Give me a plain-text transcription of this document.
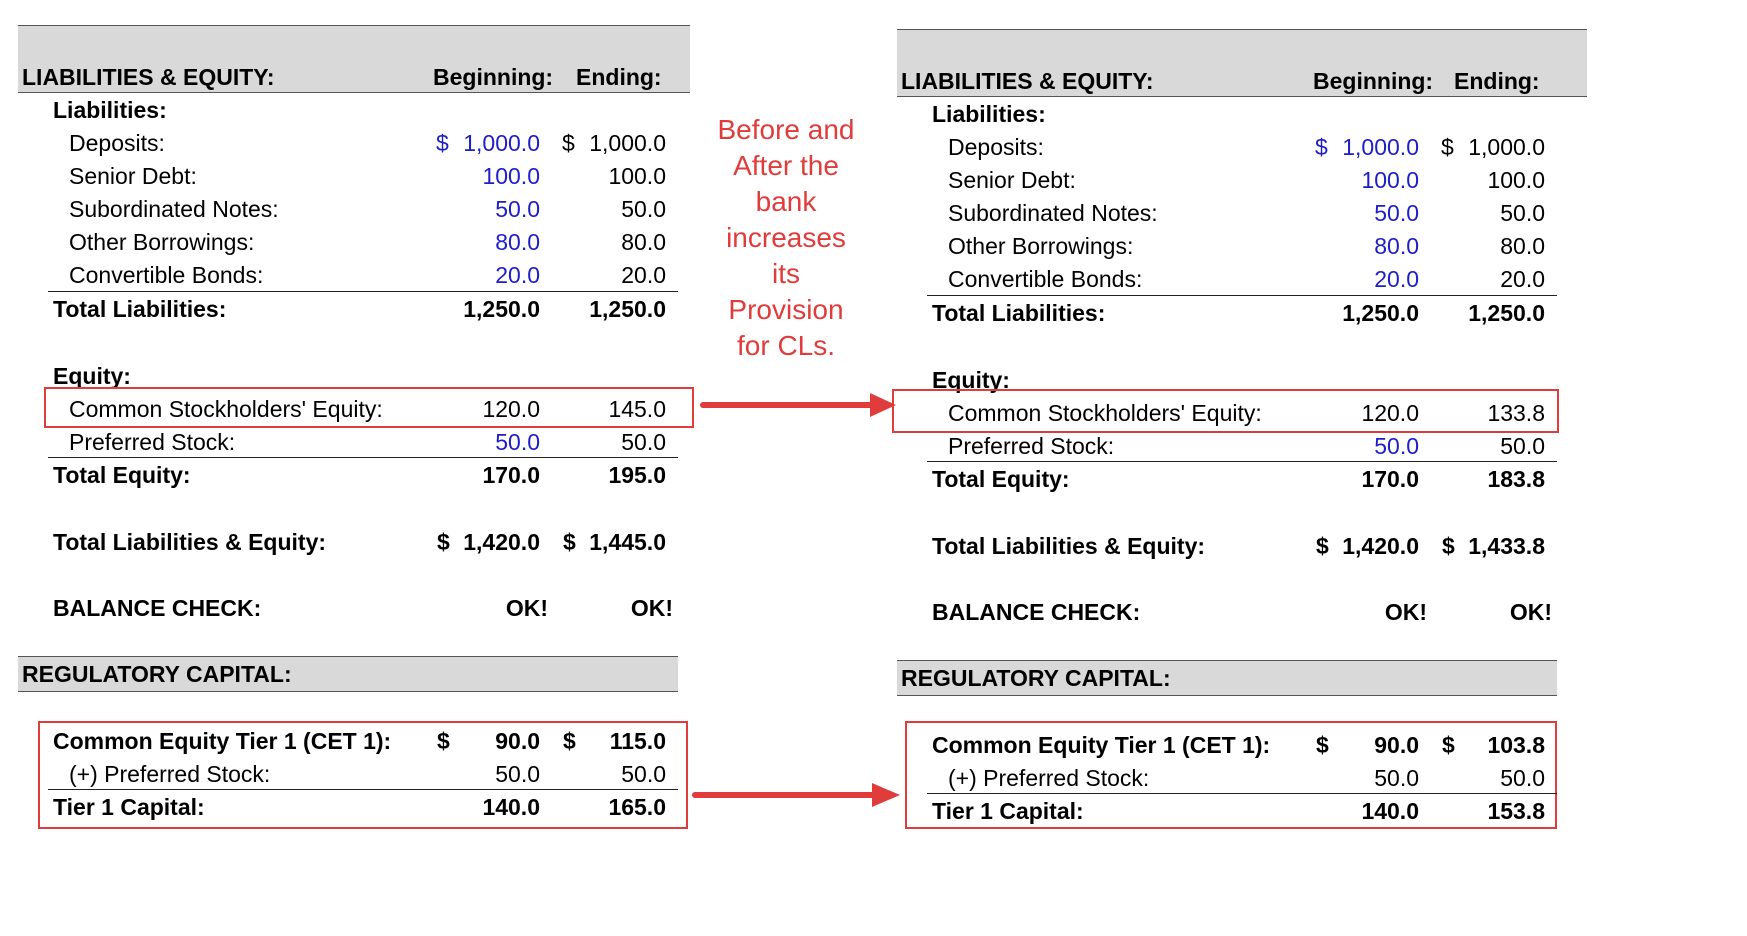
LIABILITIES & EQUITY:	Beginning: Ending:
Liabilities:
Deposits:	$ 1,000.0 $ 1,000.0
Senior Debt:	100.0	100.0
Subordinated Notes:	50.0	50.0
Other Borrowings:	80.0	80.0
Convertible Bonds:	20.0	20.0
Total Liabilities:	1,250.0	1,250.0
Equity:
Common Stockholders' Equity:	120.0	145.0
Preferred Stock:	50.0	50.0
Total Equity:	170.0	195.0
Total Liabilities & Equity:	$ 1,420.0 $ 1,445.0
BALANCE CHECK:	OK!	OK!
REGULATORY CAPITAL:
Common Equity Tier 1 (CET 1): $	90.0 $	115.0
(+) Preferred Stock:	50.0	50.0
Tier 1 Capital:	140.0	165.0
Before and
After the
bank
increases
its
Provision
for CLs.
LIABILITIES & EQUITY:	Beginning: Ending:
Liabilities:
Deposits:	$ 1,000.0 $ 1,000.0
Senior Debt:	100.0	100.0
Subordinated Notes:	50.0	50.0
Other Borrowings:	80.0	80.0
Convertible Bonds:	20.0	20.0
Total Liabilities:	1,250.0	1,250.0
Equity:
Common Stockholders' Equity:	120.0	133.8
Preferred Stock:	50.0	50.0
Total Equity:	170.0	183.8
Total Liabilities & Equity:	$ 1,420.0 $ 1,433.8
BALANCE CHECK:	OK!	OK!
REGULATORY CAPITAL:
Common Equity Tier 1 (CET 1): $	90.0 $	103.8
(+) Preferred Stock:	50.0	50.0
Tier 1 Capital:	140.0	153.8
